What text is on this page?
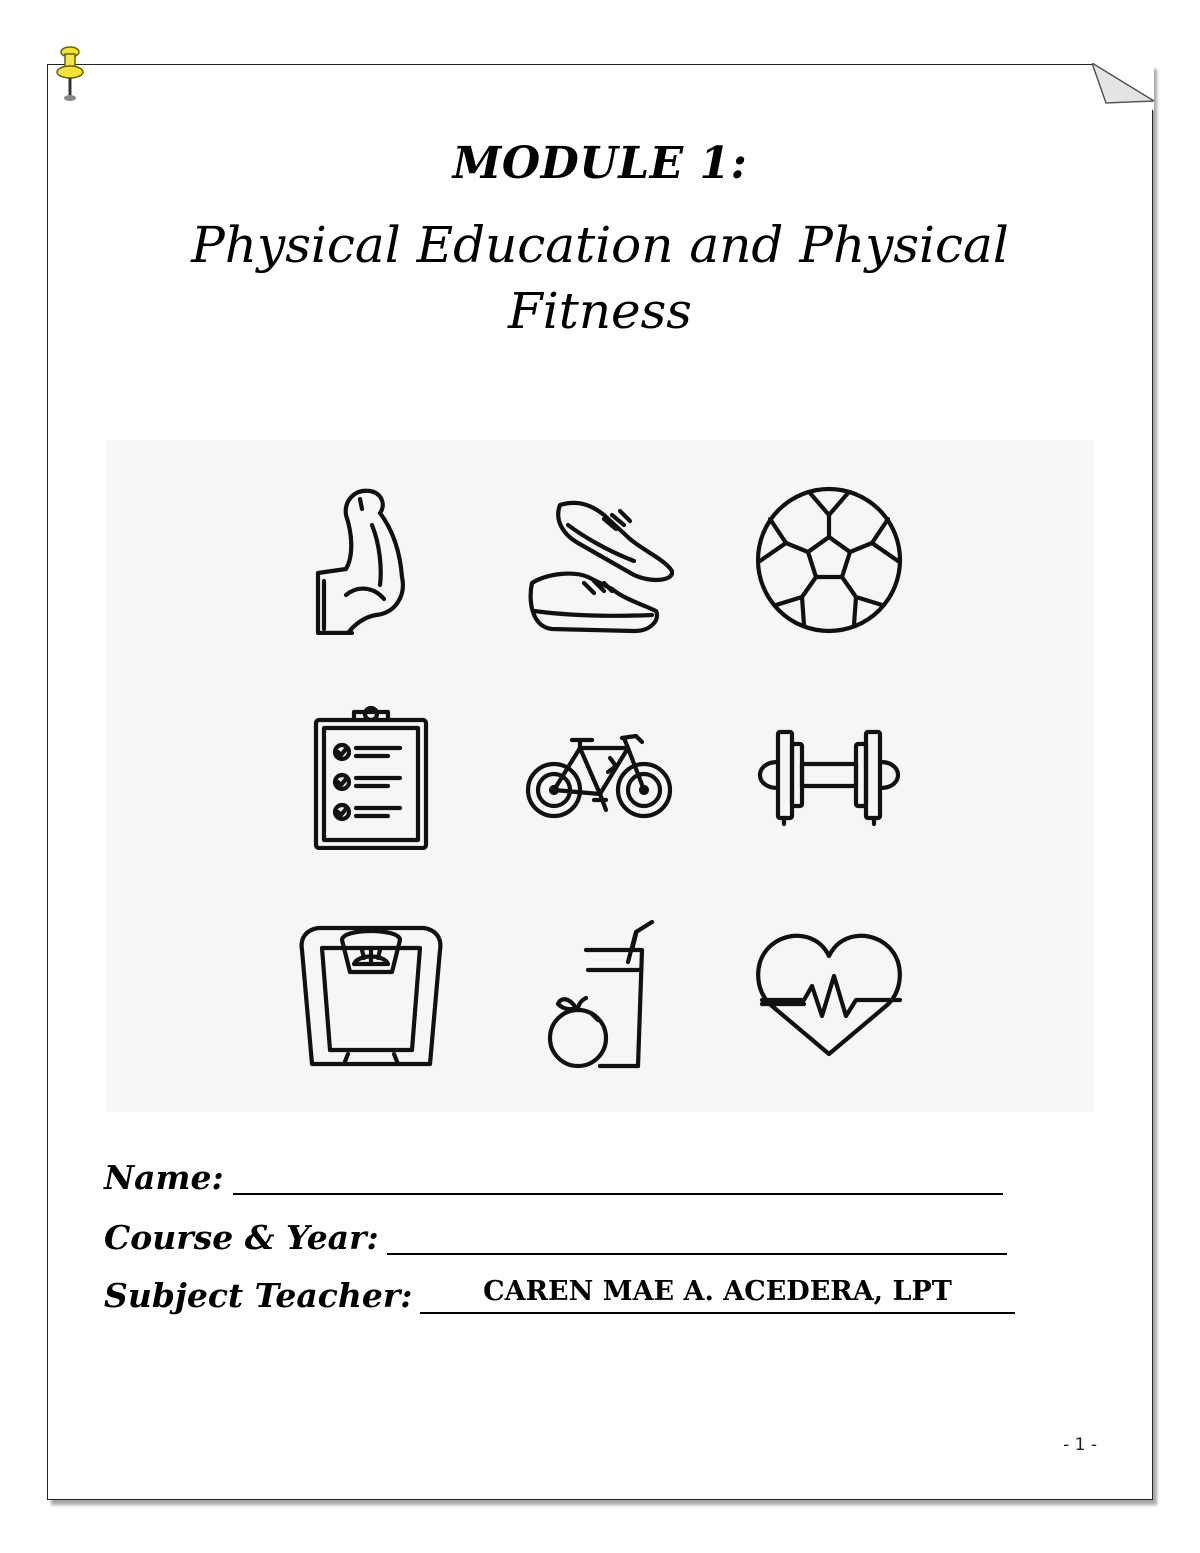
MODULE 1:
Physical Education and Physical Fitness
Name:
Course & Year:
Subject Teacher:	CAREN MAE A. ACEDERA, LPT
- 1 -
